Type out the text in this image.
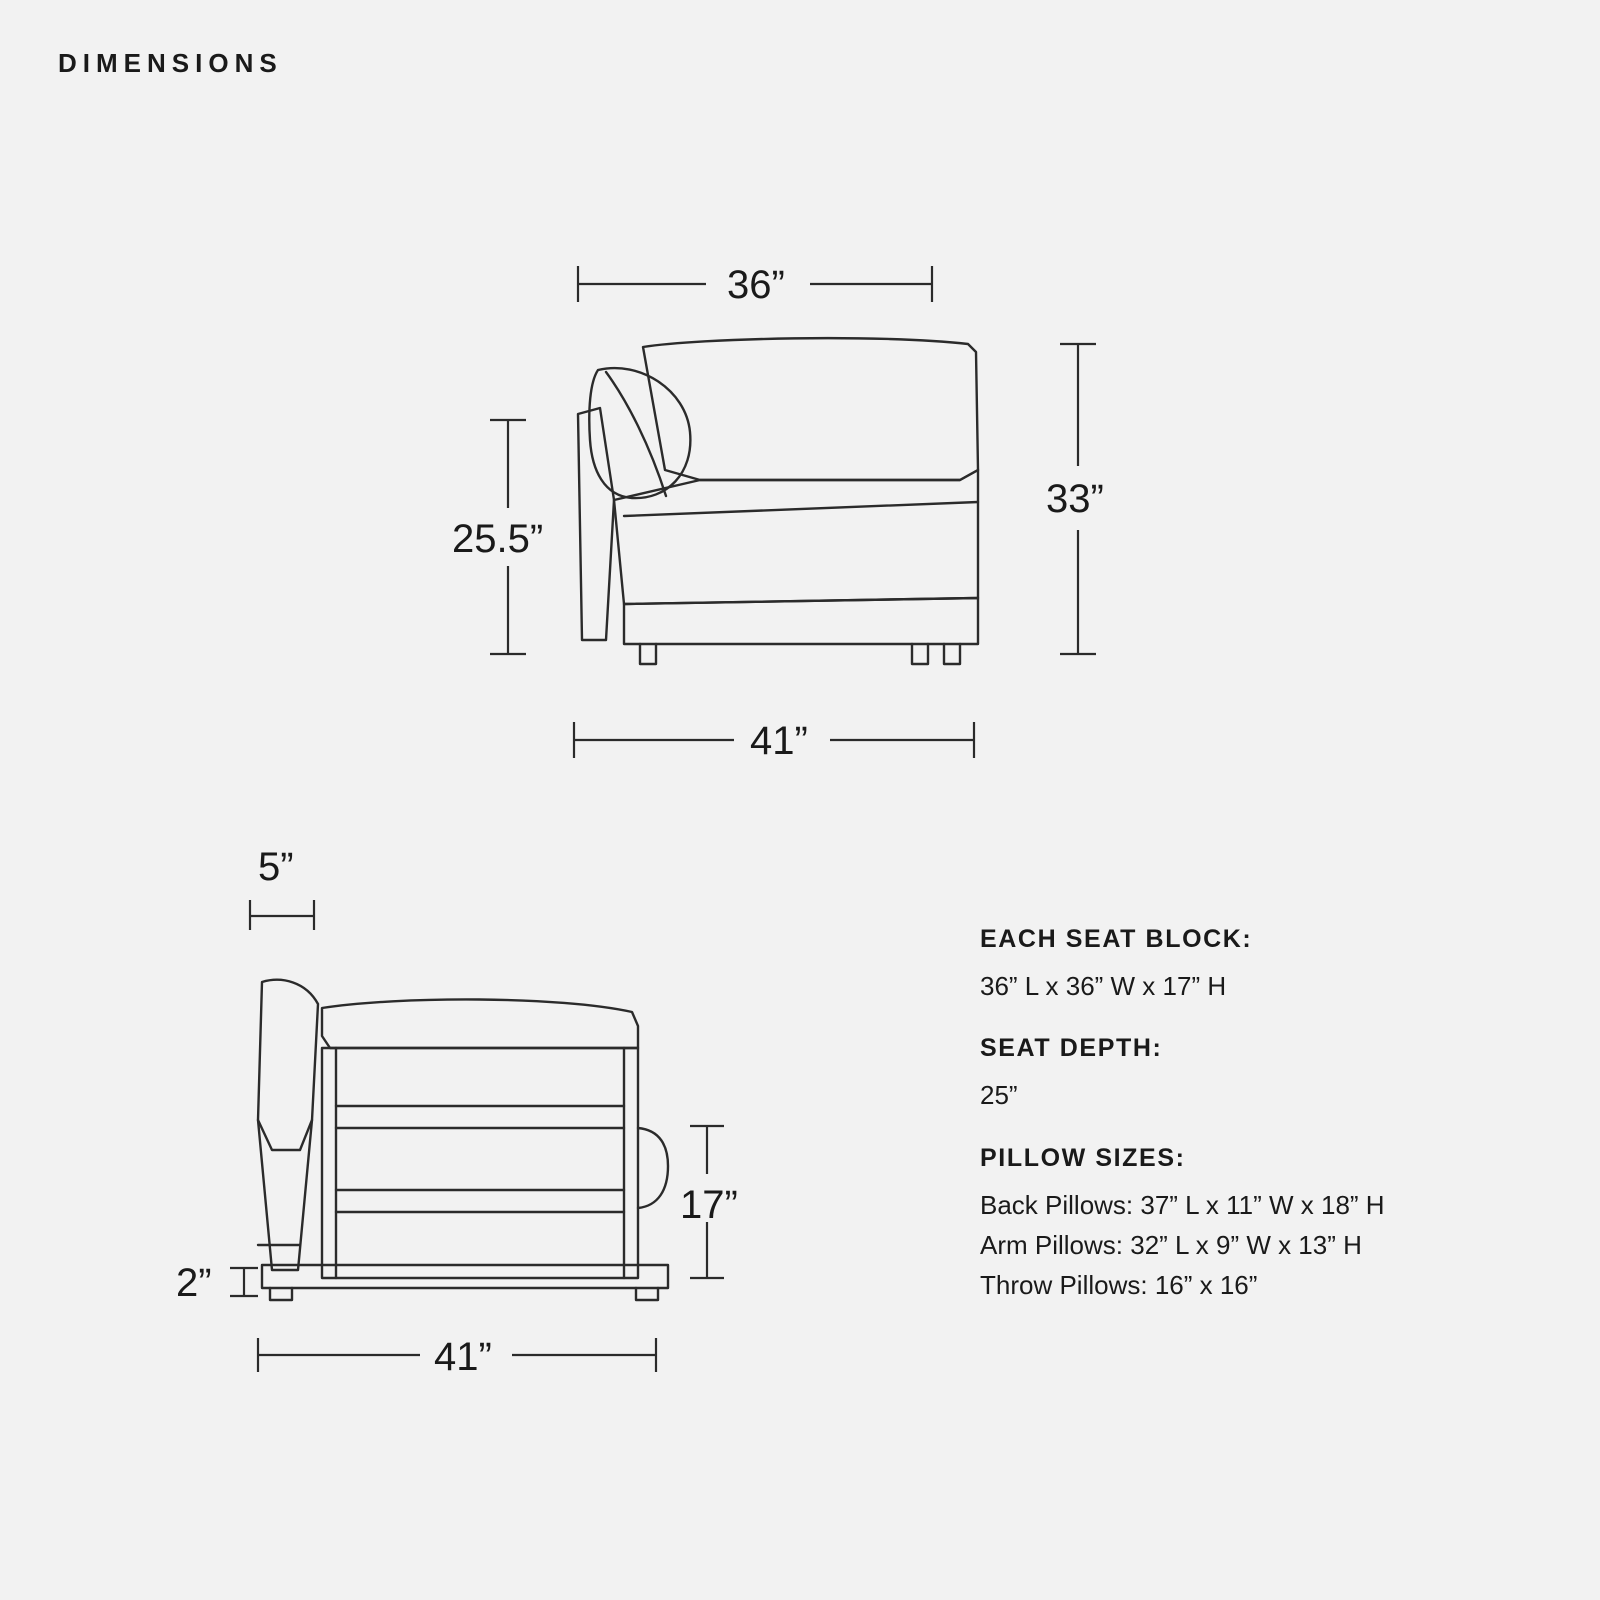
DIMENSIONS
36”
33”
25.5”
41”
5”
17”
2”
41”
EACH SEAT BLOCK:
36” L x 36” W x 17” H
SEAT DEPTH:
25”
PILLOW SIZES:
Back Pillows: 37” L x 11” W x 18” H
Arm Pillows: 32” L x 9” W x 13” H
Throw Pillows: 16” x 16”
